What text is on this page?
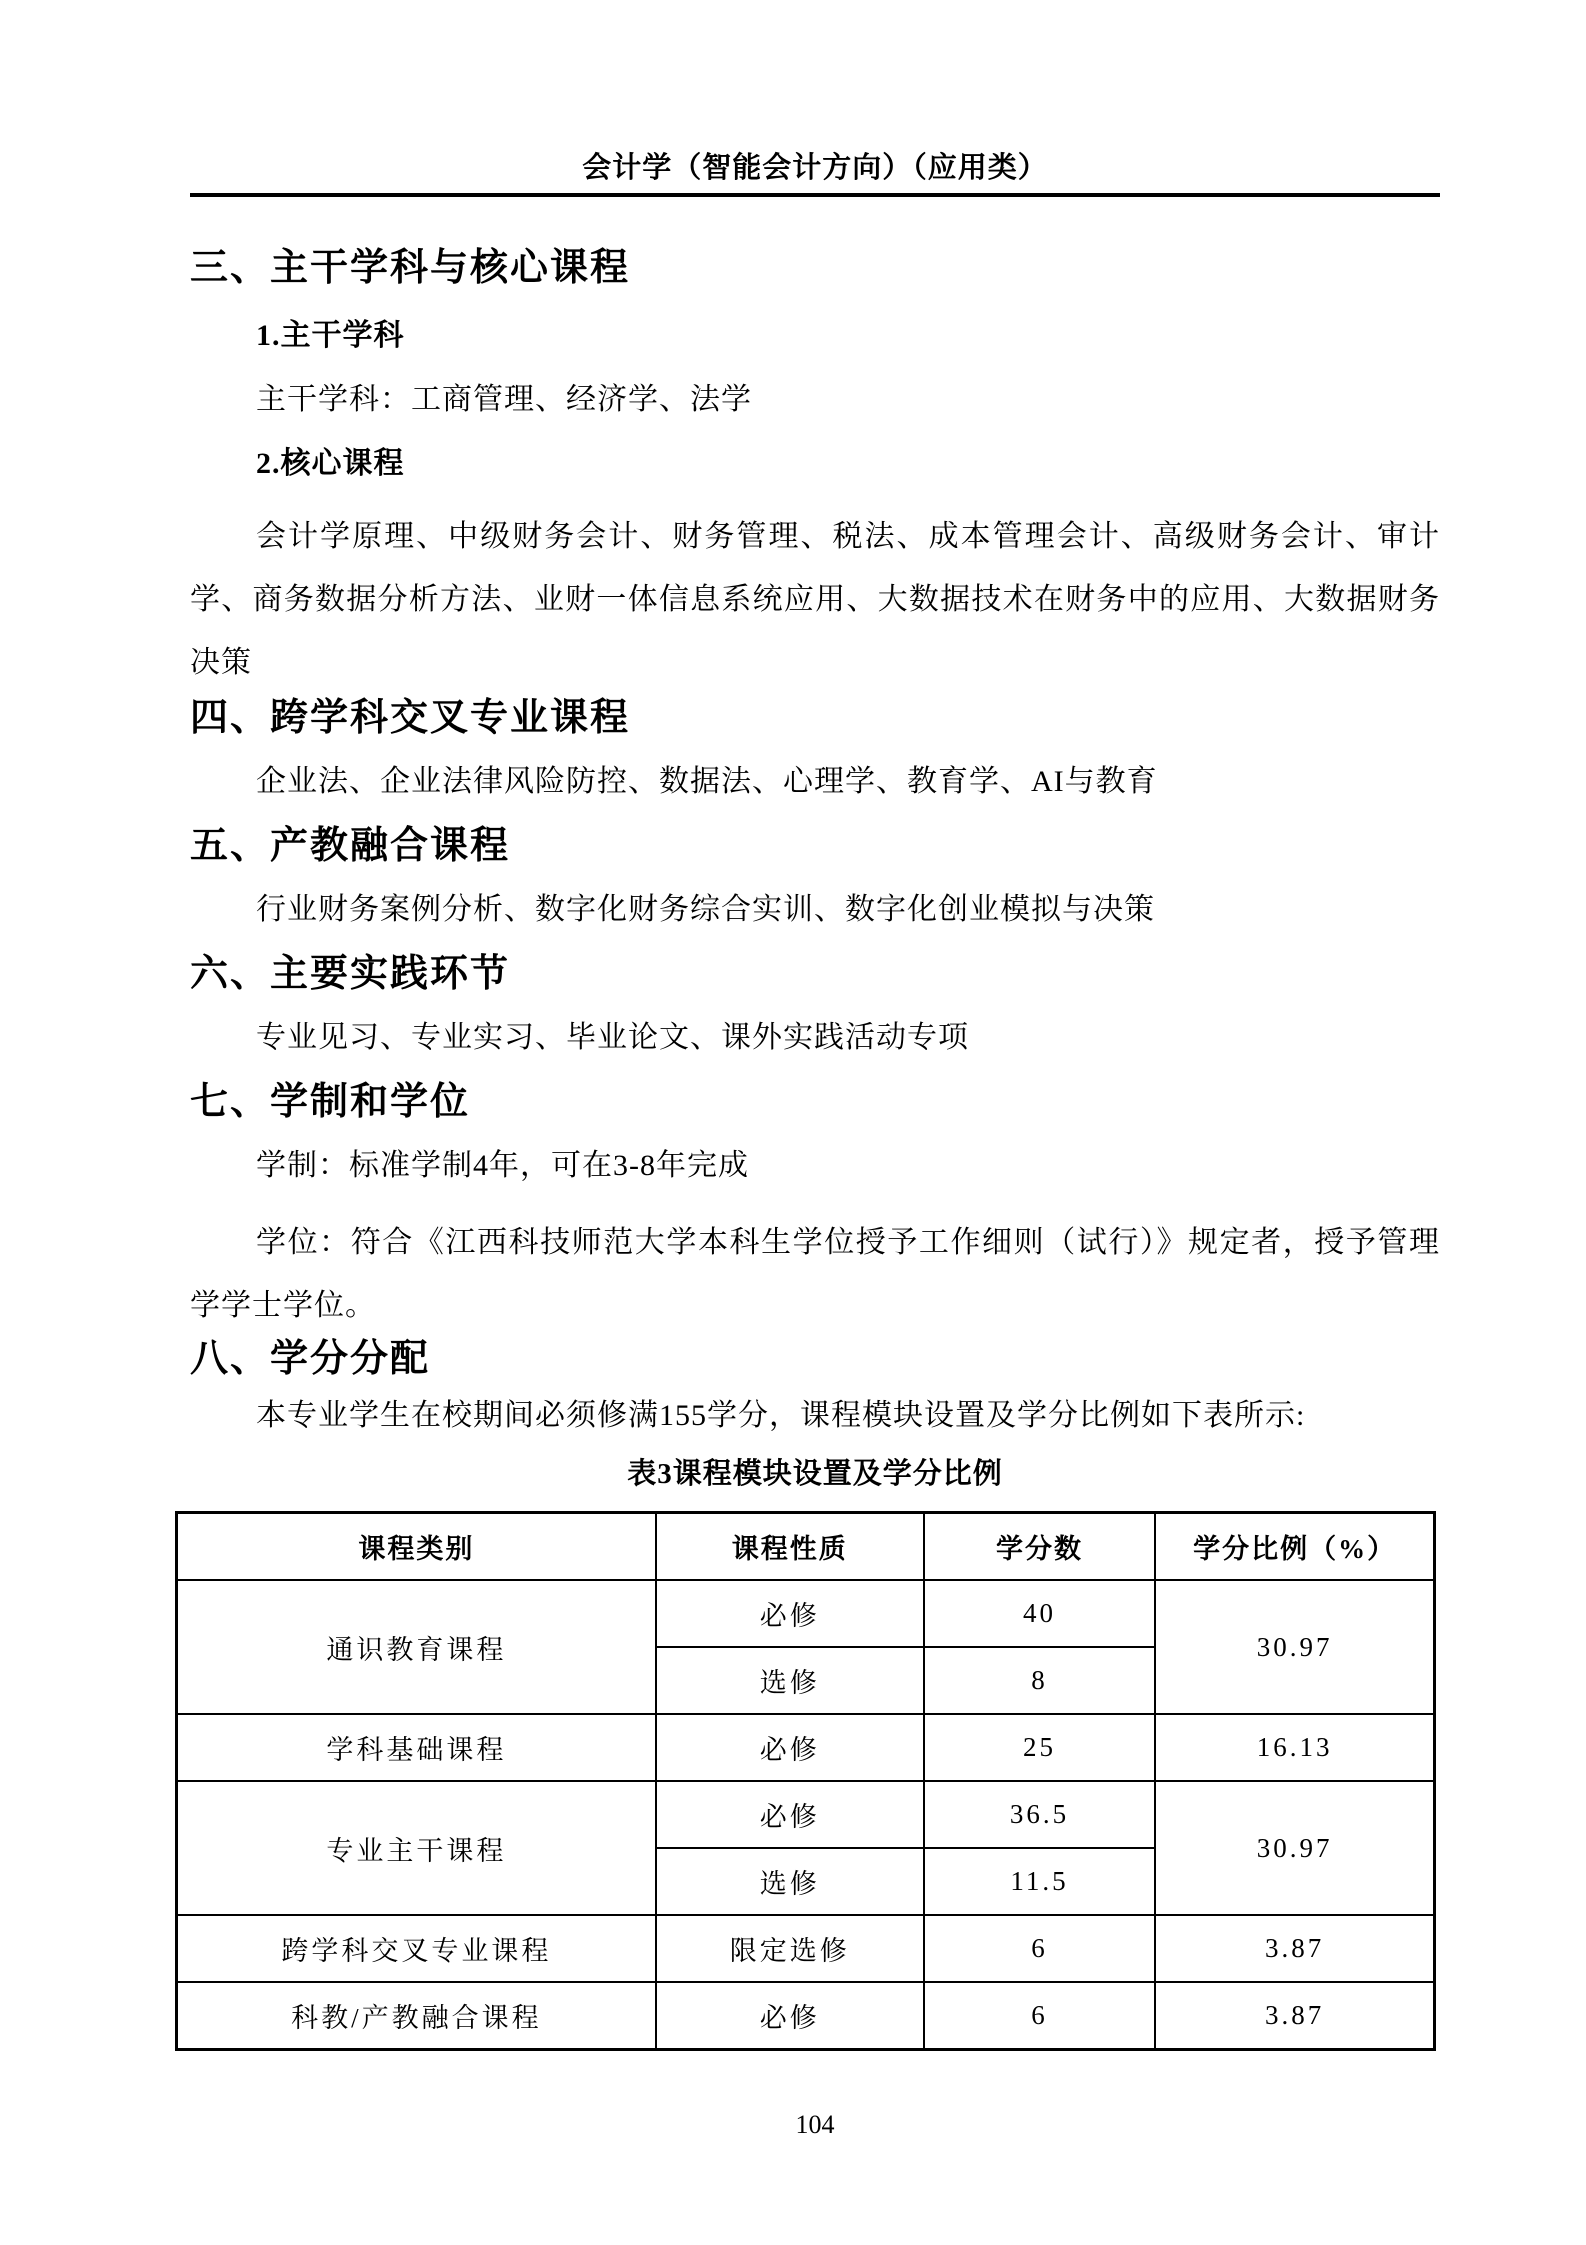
会计学（智能会计方向）（应用类）
三、主干学科与核心课程

1.主干学科

主干学科：工商管理、经济学、法学

2.核心课程

会计学原理、中级财务会计、财务管理、税法、成本管理会计、高级财务会计、审计学、商务数据分析方法、业财一体信息系统应用、大数据技术在财务中的应用、大数据财务决策

四、跨学科交叉专业课程

企业法、企业法律风险防控、数据法、心理学、教育学、AI与教育

五、产教融合课程

行业财务案例分析、数字化财务综合实训、数字化创业模拟与决策

六、主要实践环节

专业见习、专业实习、毕业论文、课外实践活动专项

七、学制和学位

学制：标准学制4年，可在3-8年完成

学位：符合《江西科技师范大学本科生学位授予工作细则（试行）》规定者，授予管理学学士学位。

八、学分分配

本专业学生在校期间必须修满155学分，课程模块设置及学分比例如下表所示:

表3课程模块设置及学分比例
课程类别	课程性质	学分数	学分比例（%）
通识教育课程	必修	40	30.97
	选修	8	
学科基础课程	必修	25	16.13
专业主干课程	必修	36.5	30.97
	选修	11.5	
跨学科交叉专业课程	限定选修	6	3.87
科教/产教融合课程	必修	6	3.87
104
